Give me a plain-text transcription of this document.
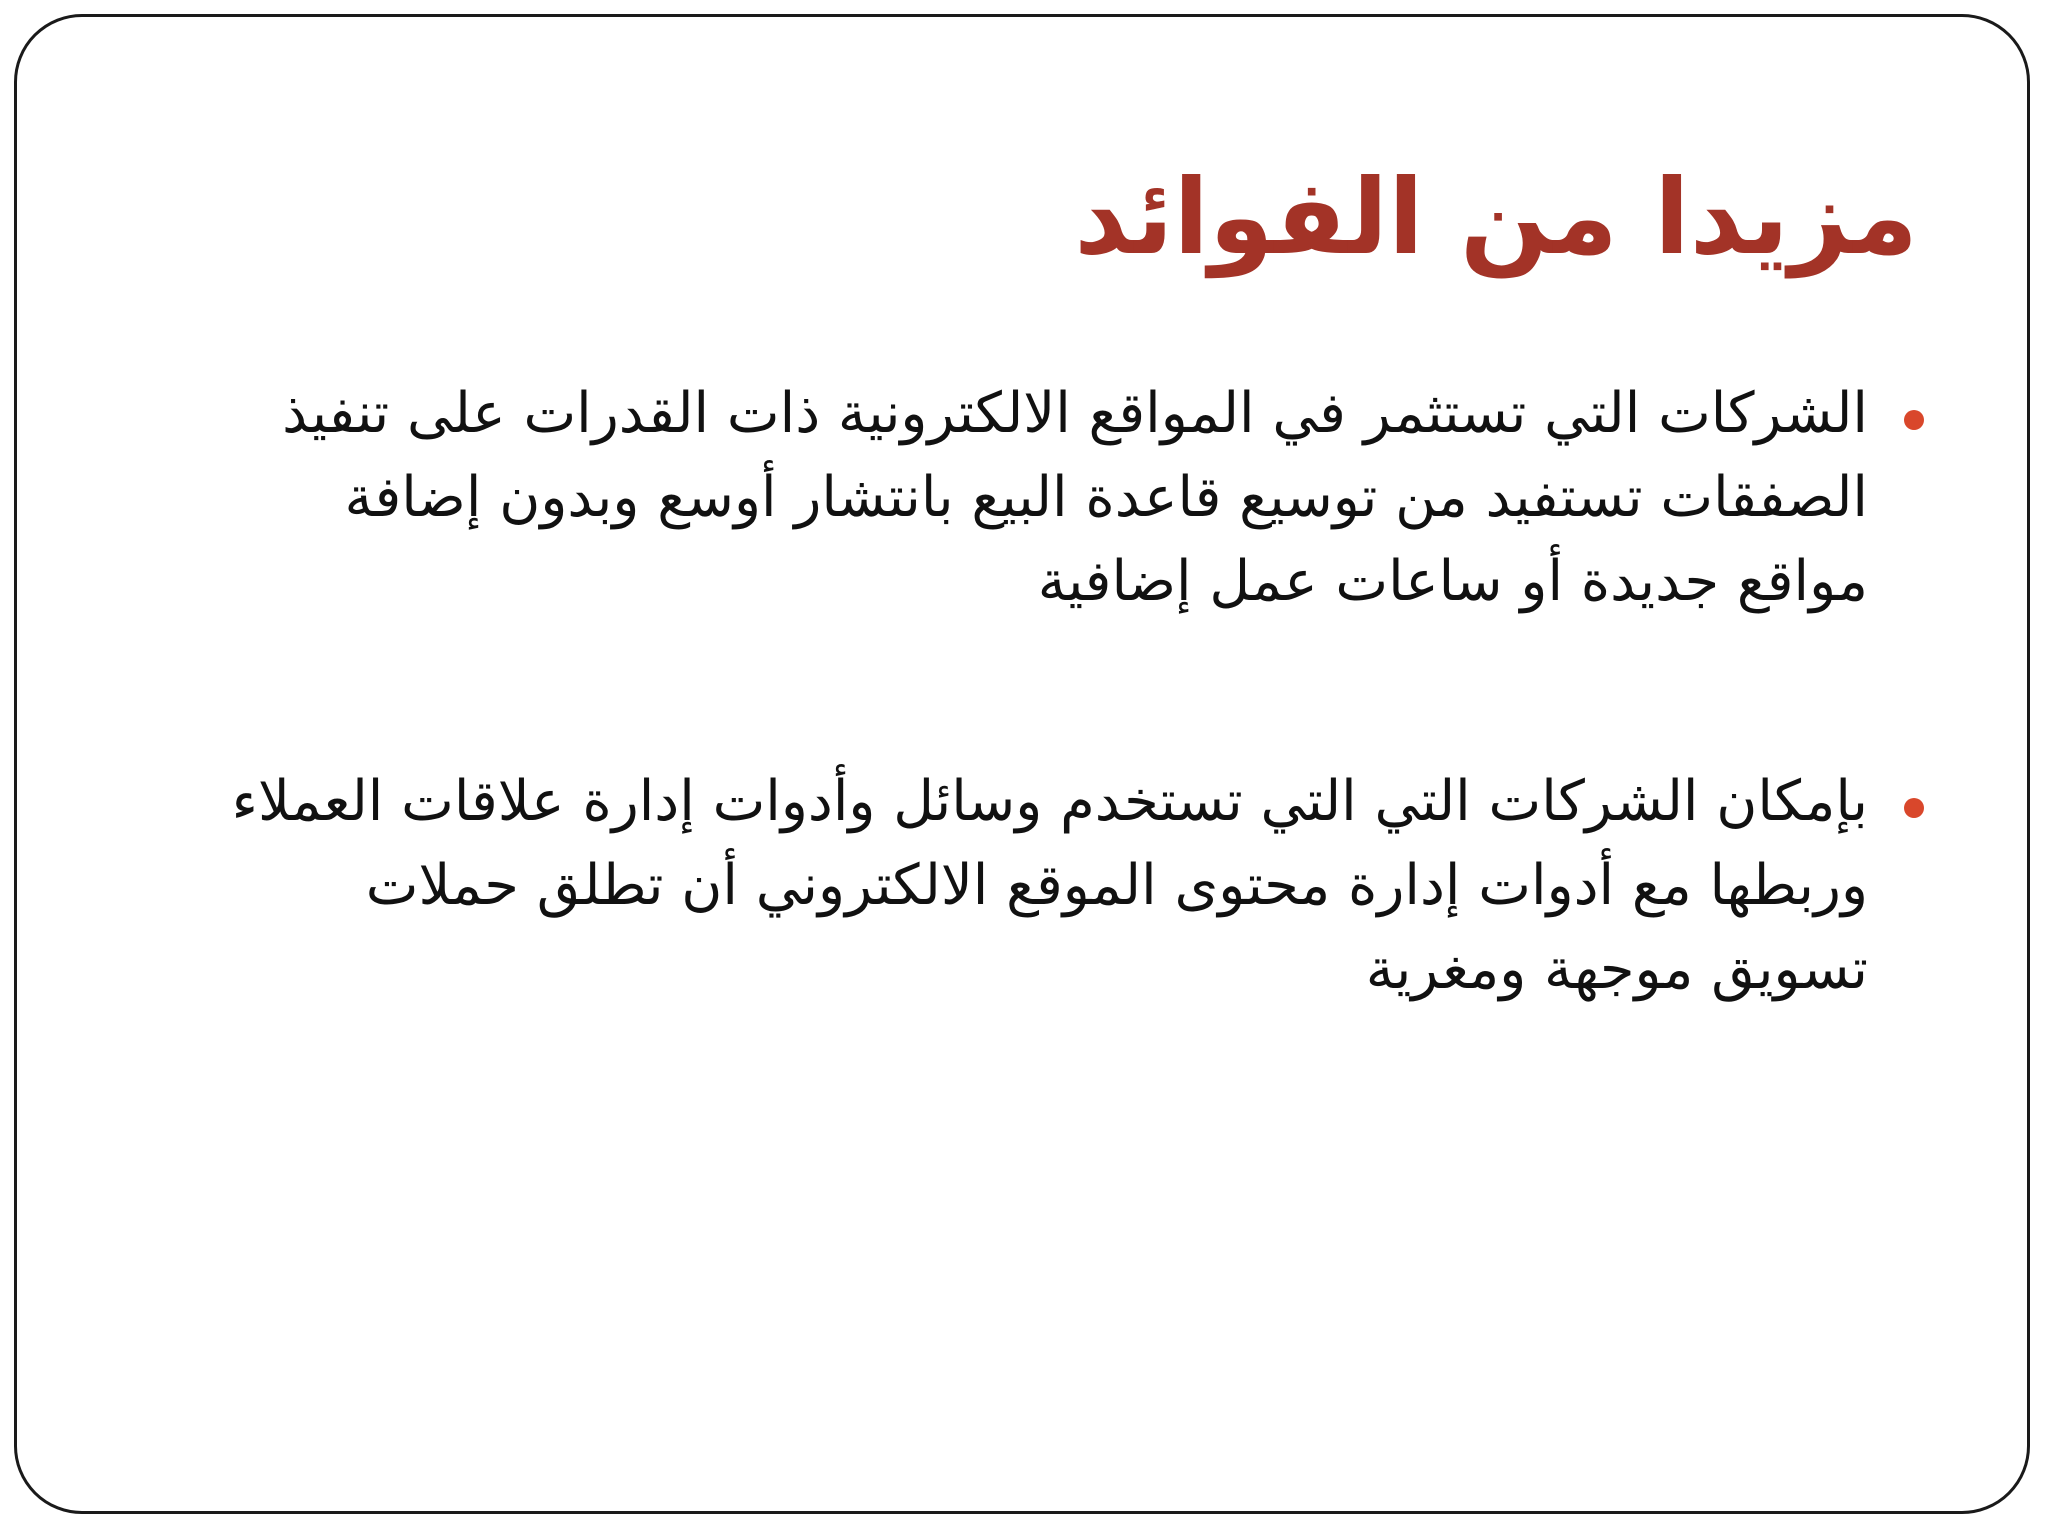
مزيدا من الفوائد
الشركات التي تستثمر في المواقع الالكترونية ذات القدرات على تنفيذ
الصفقات تستفيد من توسيع قاعدة البيع بانتشار أوسع وبدون إضافة
مواقع جديدة أو ساعات عمل إضافية
بإمكان الشركات التي التي تستخدم وسائل وأدوات إدارة علاقات العملاء
وربطها مع أدوات إدارة محتوى الموقع الالكتروني أن تطلق حملات
تسويق موجهة ومغرية
